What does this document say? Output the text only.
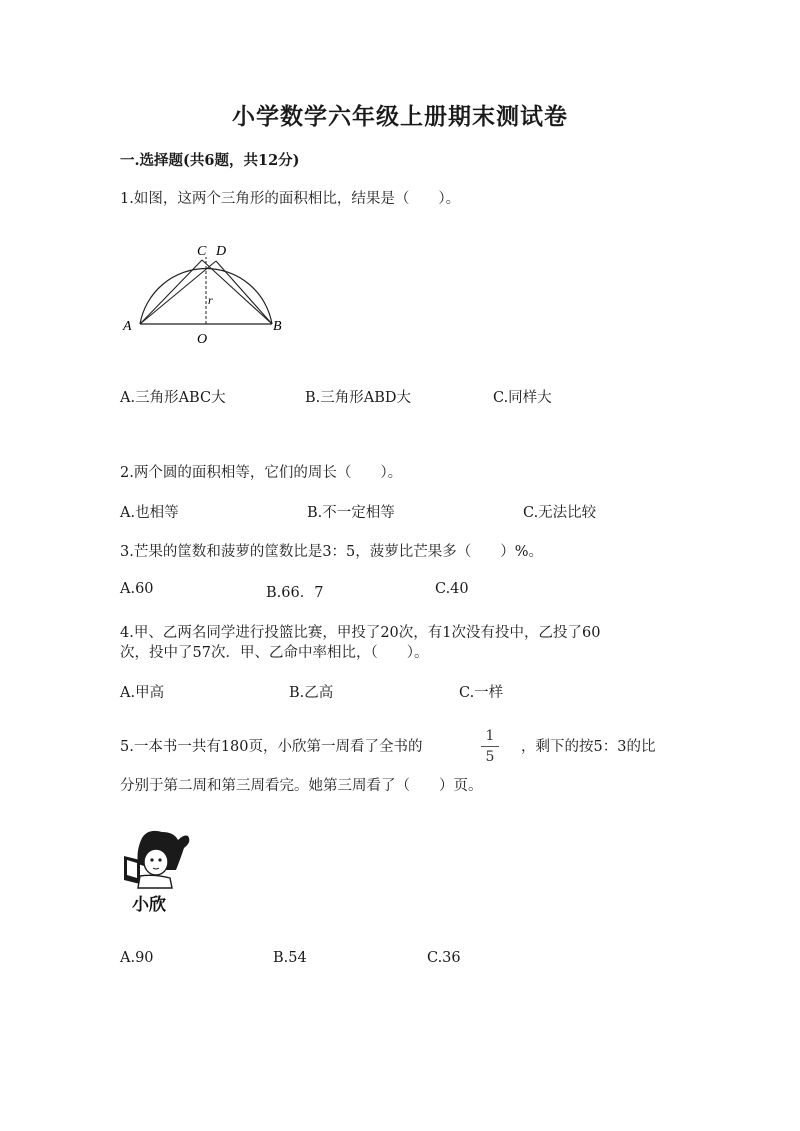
小学数学六年级上册期末测试卷
一.选择题(共6题，共12分)
1.如图，这两个三角形的面积相比，结果是（　　）。
C D
A	B
O
r
A.三角形ABC大	B.三角形ABD大	C.同样大
2.两个圆的面积相等，它们的周长（　　）。
A.也相等	B.不一定相等	C.无法比较
3.芒果的筐数和菠萝的筐数比是3：5，菠萝比芒果多（　　）%。
A.60	B.66．7	C.40
4.甲、乙两名同学进行投篮比赛，甲投了20次，有1次没有投中，乙投了60
次，投中了57次．甲、乙命中率相比，（　　）。
A.甲高	B.乙高	C.一样
5.一本书一共有180页，小欣第一周看了全书的
1
5
，剩下的按5：3的比
分别于第二周和第三周看完。她第三周看了（　　）页。
小欣
A.90	B.54	C.36
